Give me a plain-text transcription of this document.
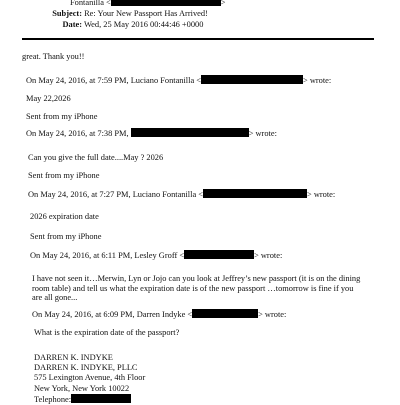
Fontanilla <	>
Subject: Re: Your New Passport Has Arrived!
Date: Wed, 25 May 2016 00:44:46 +0000
great. Thank you!!
On May 24, 2016, at 7:59 PM, Luciano Fontanilla <	> wrote:
May 22,2026
Sent from my iPhone
On May 24, 2016, at 7:38 PM,	> wrote:
Can you give the full date....May ? 2026
Sent from my iPhone
On May 24, 2016, at 7:27 PM, Luciano Fontanilla <	> wrote:
2026 expiration date
Sent from my iPhone
On May 24, 2016, at 6:11 PM, Lesley Groff <	> wrote:
I have not seen it…Merwin, Lyn or Jojo can you look at Jeffrey’s new passport (it is on the dining room table) and tell us what the expiration date is of the new passport …tomorrow is fine if you are all gone...
On May 24, 2016, at 6:09 PM, Darren Indyke <	> wrote:
What is the expiration date of the passport?
DARREN K. INDYKE
DARREN K. INDYKE, PLLC
575 Lexington Avenue, 4th Floor
New York, New York 10022
Telephone:
